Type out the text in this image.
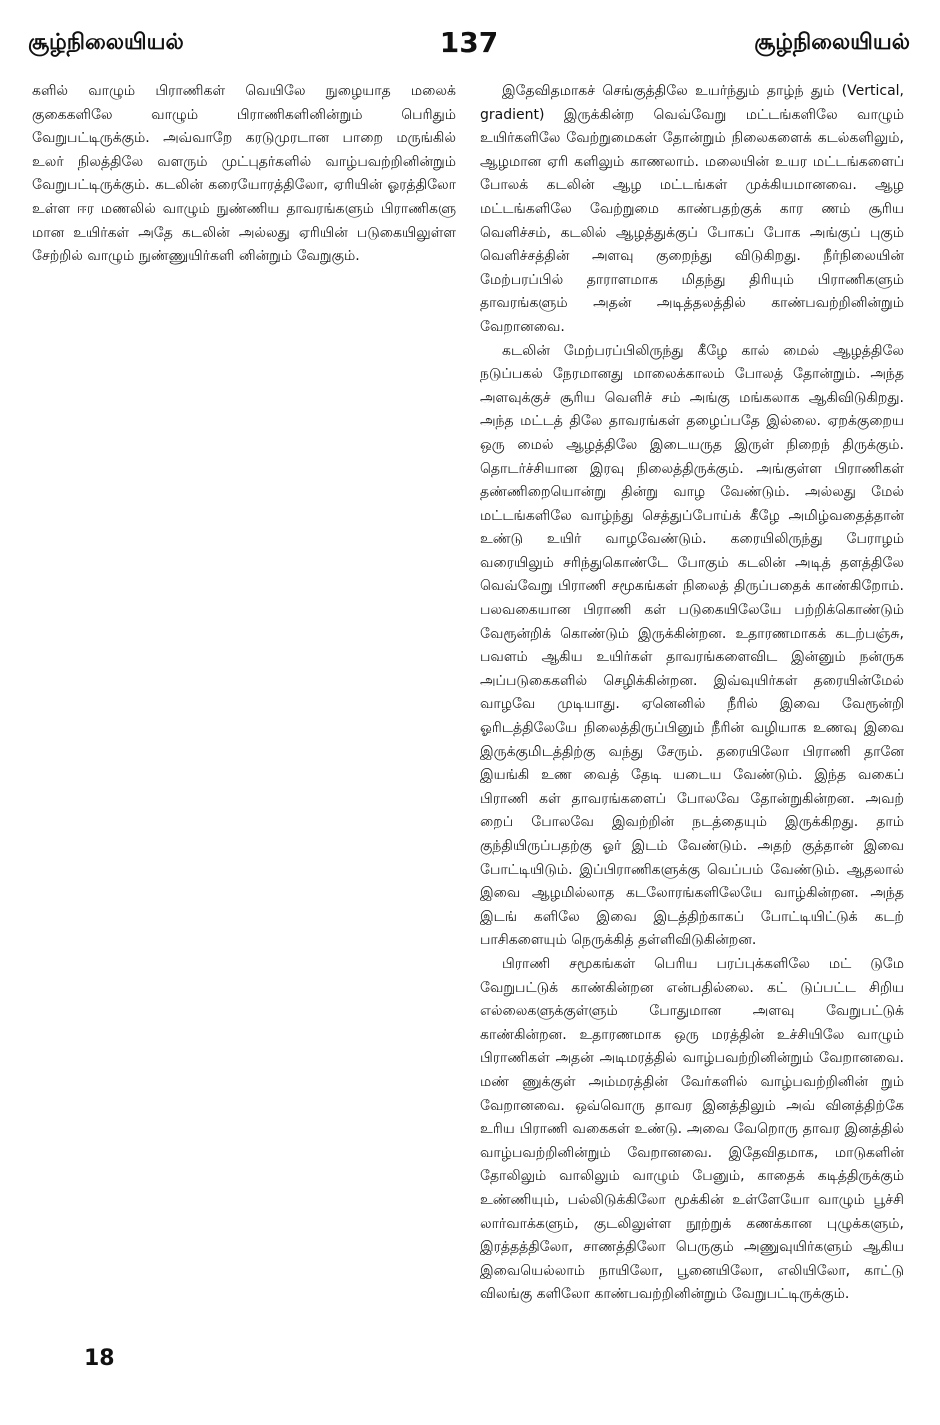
சூழ்நிலையியல்	137	சூழ்நிலையியல்

களில் வாழும் பிராணிகள் வெயிலே நுழையாத மலைக் குகைகளிலே வாழும் பிராணிகளினின்றும் பெரிதும் வேறுபட்டிருக்கும். அவ்வாறே கரடுமுரடான பாறை மருங்கில் உலர் நிலத்திலே வளரும் முட்புதர்களில் வாழ்பவற்றினின்றும் வேறுபட்டிருக்கும். கடலின் கரையோரத்திலோ, ஏரியின் ஓரத்திலோ உள்ள ஈர மணலில் வாழும் நுண்ணிய தாவரங்களும் பிராணிகளு மான உயிர்கள் அதே கடலின் அல்லது ஏரியின் படுகையிலுள்ள சேற்றில் வாழும் நுண்ணுயிர்களி னின்றும் வேறுகும்.

இதேவிதமாகச் செங்குத்திலே உயர்ந்தும் தாழ்ந் தும் (Vertical, gradient) இருக்கின்ற வெவ்வேறு மட்டங்களிலே வாழும் உயிர்களிலே வேற்றுமைகள் தோன்றும் நிலைகளைக் கடல்களிலும், ஆழமான ஏரி களிலும் காணலாம். மலையின் உயர மட்டங்களைப் போலக் கடலின் ஆழ மட்டங்கள் முக்கியமானவை. ஆழ மட்டங்களிலே வேற்றுமை காண்பதற்குக் கார ணம் சூரிய வெளிச்சம், கடலில் ஆழத்துக்குப் போகப் போக அங்குப் புகும் வெளிச்சத்தின் அளவு குறைந்து விடுகிறது. நீர்நிலையின் மேற்பரப்பில் தாராளமாக மிதந்து திரியும் பிராணிகளும் தாவரங்களும் அதன் அடித்தலத்தில் காண்பவற்றினின்றும் வேறானவை.

கடலின் மேற்பரப்பிலிருந்து கீழே கால் மைல் ஆழத்திலே நடுப்பகல் நேரமானது மாலைக்காலம் போலத் தோன்றும். அந்த அளவுக்குச் சூரிய வெளிச் சம் அங்கு மங்கலாக ஆகிவிடுகிறது. அந்த மட்டத் திலே தாவரங்கள் தழைப்பதே இல்லை. ஏறக்குறைய ஒரு மைல் ஆழத்திலே இடையருத இருள் நிறைந் திருக்கும். தொடர்ச்சியான இரவு நிலைத்திருக்கும். அங்குள்ள பிராணிகள் தண்ணிறையொன்று தின்று வாழ வேண்டும். அல்லது மேல் மட்டங்களிலே வாழ்ந்து செத்துப்போய்க் கீழே அமிழ்வதைத்தான் உண்டு உயிர் வாழவேண்டும். கரையிலிருந்து பேராழம் வரையிலும் சரிந்துகொண்டே போகும் கடலின் அடித் தளத்திலே வெவ்வேறு பிராணி சமூகங்கள் நிலைத் திருப்பதைக் காண்கிறோம். பலவகையான பிராணி கள் படுகையிலேயே பற்றிக்கொண்டும் வேரூன்றிக் கொண்டும் இருக்கின்றன. உதாரணமாகக் கடற்பஞ்சு, பவளம் ஆகிய உயிர்கள் தாவரங்களைவிட இன்னும் நன்ருக அப்படுகைகளில் செழிக்கின்றன. இவ்வுயிர்கள் தரையின்மேல் வாழவே முடியாது. ஏனெனில் நீரில் இவை வேரூன்றி ஓரிடத்திலேயே நிலைத்திருப்பினும் நீரின் வழியாக உணவு இவை இருக்குமிடத்திற்கு வந்து சேரும். தரையிலோ பிராணி தானே இயங்கி உண வைத் தேடி யடைய வேண்டும். இந்த வகைப் பிராணி கள் தாவரங்களைப் போலவே தோன்றுகின்றன. அவற் றைப் போலவே இவற்றின் நடத்தையும் இருக்கிறது. தாம் குந்தியிருப்பதற்கு ஓர் இடம் வேண்டும். அதற் குத்தான் இவை போட்டியிடும். இப்பிராணிகளுக்கு வெப்பம் வேண்டும். ஆதலால் இவை ஆழமில்லாத கடலோரங்களிலேயே வாழ்கின்றன. அந்த இடங் களிலே இவை இடத்திற்காகப் போட்டியிட்டுக் கடற் பாசிகளையும் நெருக்கித் தள்ளிவிடுகின்றன.

பிராணி சமூகங்கள் பெரிய பரப்புக்களிலே மட் டுமே வேறுபட்டுக் காண்கின்றன என்பதில்லை. கட் டுப்பட்ட சிறிய எல்லைகளுக்குள்ளும் போதுமான அளவு வேறுபட்டுக் காண்கின்றன. உதாரணமாக ஒரு மரத்தின் உச்சியிலே வாழும் பிராணிகள் அதன் அடிமரத்தில் வாழ்பவற்றினின்றும் வேறானவை. மண் ணுக்குள் அம்மரத்தின் வேர்களில் வாழ்பவற்றினின் றும் வேறானவை. ஒவ்வொரு தாவர இனத்திலும் அவ் வினத்திற்கே உரிய பிராணி வகைகள் உண்டு. அவை வேறொரு தாவர இனத்தில் வாழ்பவற்றினின்றும் வேறானவை. இதேவிதமாக, மாடுகளின் தோலிலும் வாலிலும் வாழும் பேனும், காதைக் கடித்திருக்கும் உண்ணியும், பல்லிடுக்கிலோ மூக்கின் உள்ளேயோ வாழும் பூச்சி லார்வாக்களும், குடலிலுள்ள நூற்றுக் கணக்கான புழுக்களும், இரத்தத்திலோ, சாணத்திலோ பெருகும் அணுவுயிர்களும் ஆகிய இவையெல்லாம் நாயிலோ, பூனையிலோ, எலியிலோ, காட்டு விலங்கு களிலோ காண்பவற்றினின்றும் வேறுபட்டிருக்கும்.

18
